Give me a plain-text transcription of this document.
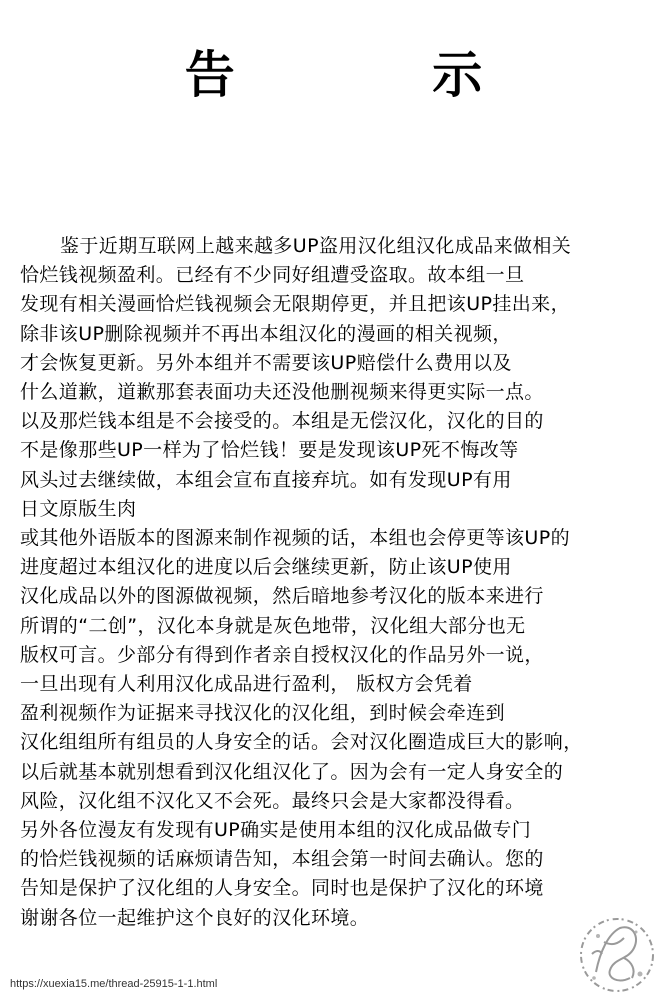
告 示
鉴于近期互联网上越来越多UP盗用汉化组汉化成品来做相关
恰烂钱视频盈利。已经有不少同好组遭受盗取。故本组一旦
发现有相关漫画恰烂钱视频会无限期停更，并且把该UP挂出来，
除非该UP删除视频并不再出本组汉化的漫画的相关视频，
才会恢复更新。另外本组并不需要该UP赔偿什么费用以及
什么道歉，道歉那套表面功夫还没他删视频来得更实际一点。
以及那烂钱本组是不会接受的。本组是无偿汉化，汉化的目的
不是像那些UP一样为了恰烂钱！要是发现该UP死不悔改等
风头过去继续做，本组会宣布直接弃坑。如有发现UP有用
日文原版生肉
或其他外语版本的图源来制作视频的话，本组也会停更等该UP的
进度超过本组汉化的进度以后会继续更新，防止该UP使用
汉化成品以外的图源做视频，然后暗地参考汉化的版本来进行
所谓的“二创”，汉化本身就是灰色地带，汉化组大部分也无
版权可言。少部分有得到作者亲自授权汉化的作品另外一说，
一旦出现有人利用汉化成品进行盈利， 版权方会凭着
盈利视频作为证据来寻找汉化的汉化组，到时候会牵连到
汉化组组所有组员的人身安全的话。会对汉化圈造成巨大的影响，
以后就基本就别想看到汉化组汉化了。因为会有一定人身安全的
风险，汉化组不汉化又不会死。最终只会是大家都没得看。
另外各位漫友有发现有UP确实是使用本组的汉化成品做专门
的恰烂钱视频的话麻烦请告知，本组会第一时间去确认。您的
告知是保护了汉化组的人身安全。同时也是保护了汉化的环境
谢谢各位一起维护这个良好的汉化环境。
https://xuexia15.me/thread-25915-1-1.html
